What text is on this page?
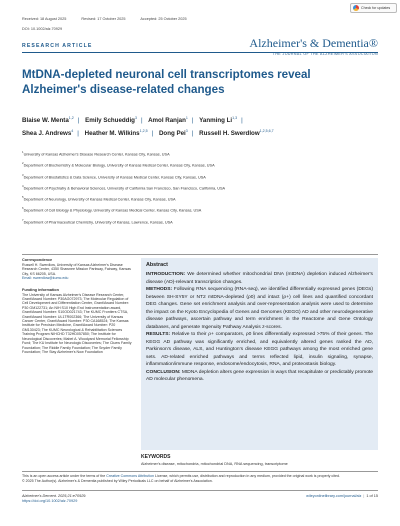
Received: 18 August 2025	Revised: 17 October 2025	Accepted: 25 October 2025
DOI: 10.1002/alz.70929
Check for updates
RESEARCH ARTICLE	Alzheimer's & Dementia®
THE JOURNAL OF THE ALZHEIMER'S ASSOCIATION
MtDNA-depleted neuronal cell transcriptomes reveal Alzheimer's disease-related changes
Blaise W. Menta$^{1,2}$ | Emily Schueddig$^3$ | Amol Ranjan$^1$ | Yanming Li$^{1,3}$ |
Shea J. Andrews$^4$ | Heather M. Wilkins$^{1,2,5}$ | Dong Pei$^3$ | Russell H. Swerdlow$^{1,2,5,6,7}$
$^1$University of Kansas Alzheimer's Disease Research Center, Kansas City, Kansas, USA
$^2$Department of Biochemistry & Molecular Biology, University of Kansas Medical Center, Kansas City, Kansas, USA
$^3$Department of Biostatistics & Data Science, University of Kansas Medical Center, Kansas City, Kansas, USA
$^4$Department of Psychiatry & Behavioral Sciences, University of California San Francisco, San Francisco, California, USA
$^5$Department of Neurology, University of Kansas Medical Center, Kansas City, Kansas, USA
$^6$Department of Cell Biology & Physiology, University of Kansas Medical Center, Kansas City, Kansas, USA
$^7$Department of Pharmaceutical Chemistry, University of Kansas, Lawrence, Kansas, USA
Correspondence
Russell H. Swerdlow, University of Kansas Alzheimer's Disease Research Center, 4350 Shawnee Mission Parkway, Fairway, Kansas City, KS 66205, USA.
Email: rswerdlow@kumc.edu
Funding information
The University of Kansas Alzheimer's Disease Research Center, Grant/Award Number: P30AG072973; The Molecular Regulation of Cell Development and Differentiation Center, Grant/Award Number: P30 GM122731; An NIH S10 High End Instrumentation award, Grant/Award Number: S10OD021743; The KUMC Frontiers CTSA, Grant/Award Number: UL1TR002366; The University of Kansas Cancer Center, Grant/Award Number: P30 CA168524; The Kansas Institute for Precision Medicine, Grant/Award Number: P20 GM130423; The KUMC Neurological & Rehabilitation Sciences Training Program NIHCHD T32HD057850; The Institute for Neurological Discoveries; Mabel A. Woodyard Memorial Fellowship Fund; The KU Institute for Neurologic Discoveries; The Cluew Family Foundation; The Riddle Family Foundation; The Snyder Family Foundation; The Stay Alzheimer's Now Foundation
Abstract
INTRODUCTION: We determined whether mitochondrial DNA (mtDNA) depletion induced Alzheimer's disease (AD)-relevant transcription changes.
METHODS: Following RNA sequencing (RNA-seq), we identified differentially expressed genes (DEGs) between SH-SY5Y or NT2 mtDNA-depleted (ρ0) and intact (ρ+) cell lines and quantified concordant DEG changes. Gene set enrichment analysis and over-representation analysis were used to determine the impact on the Kyoto Encyclopedia of Genes and Genomes (KEGG) AD and other neurodegenerative disease pathways, ascertain pathway and term enrichment in the Reactome and Gene Ontology databases, and generate Ingenuity Pathway Analysis z-scores.
RESULTS: Relative to their ρ+ comparators, ρ0 lines differentially expressed >75% of their genes. The KEGG AD pathway was significantly enriched, and equivalently altered genes ranked the AD, Parkinson's disease, ALS, and Huntington's disease KEGG pathways among the most enriched gene sets. AD-related enriched pathways and terms reflected lipid, insulin signaling, synapse, inflammation/immune response, endosome/endocytosis, RNA, and proteostasis biology.
CONCLUSION: MtDNA depletion alters gene expression in ways that recapitulate or predictably promote AD molecular phenomena.
KEYWORDS
Alzheimer's disease, mitochondria, mitochondrial DNA, RNA sequencing, transcriptome
This is an open access article under the terms of the Creative Commons Attribution License, which permits use, distribution and reproduction in any medium, provided the original work is properly cited.
© 2025 The Author(s). Alzheimer's & Dementia published by Wiley Periodicals LLC on behalf of Alzheimer's Association.
Alzheimer's Dement. 2025;21:e70929.
https://doi.org/10.1002/alz.70929
wileyonlinelibrary.com/journal/alz | 1 of 15
